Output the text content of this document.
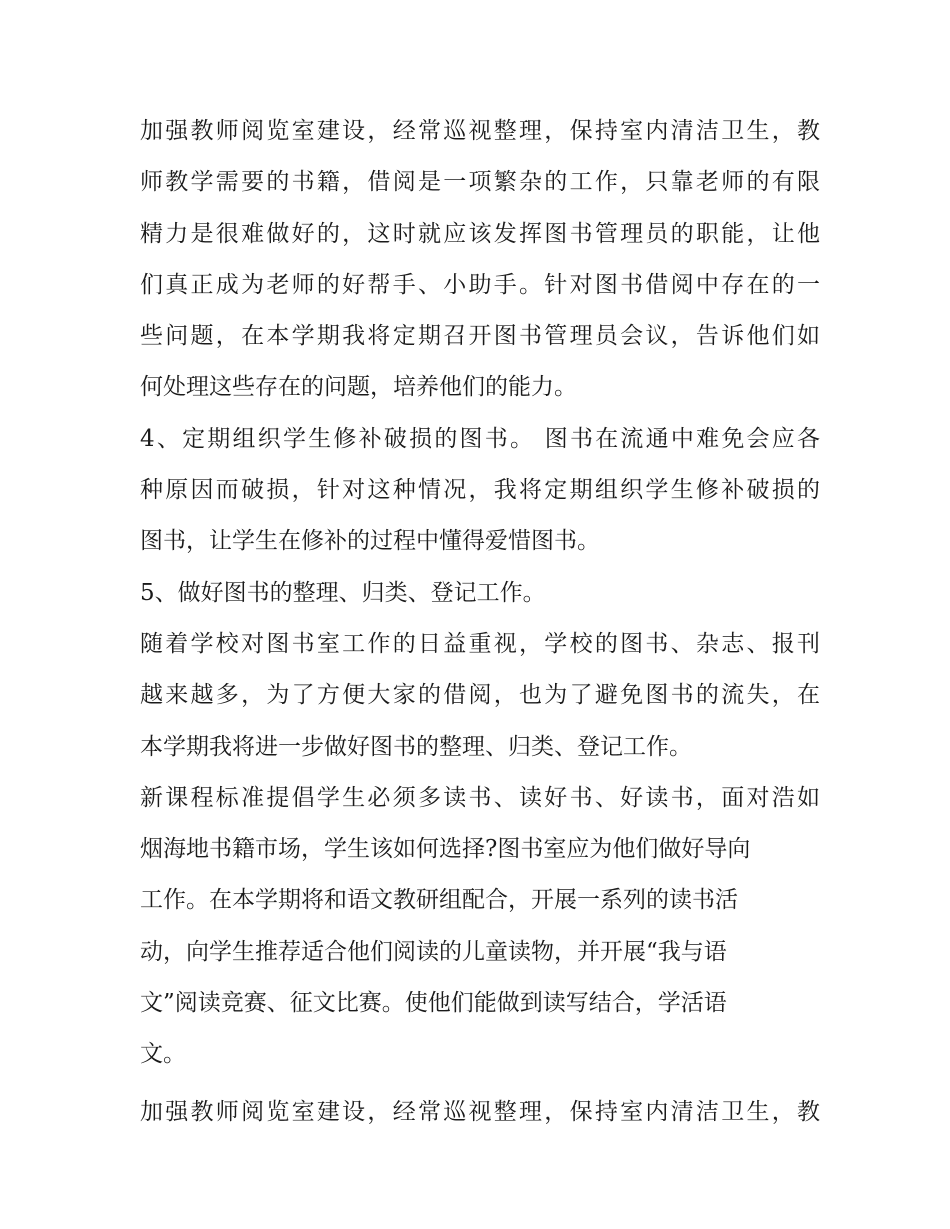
加强教师阅览室建设，经常巡视整理，保持室内清洁卫生，教
师教学需要的书籍，借阅是一项繁杂的工作，只靠老师的有限
精力是很难做好的，这时就应该发挥图书管理员的职能，让他
们真正成为老师的好帮手、小助手。针对图书借阅中存在的一
些问题，在本学期我将定期召开图书管理员会议，告诉他们如
何处理这些存在的问题，培养他们的能力。
4、定期组织学生修补破损的图书。 图书在流通中难免会应各
种原因而破损，针对这种情况，我将定期组织学生修补破损的
图书，让学生在修补的过程中懂得爱惜图书。
5、做好图书的整理、归类、登记工作。
随着学校对图书室工作的日益重视，学校的图书、杂志、报刊
越来越多，为了方便大家的借阅，也为了避免图书的流失，在
本学期我将进一步做好图书的整理、归类、登记工作。
新课程标准提倡学生必须多读书、读好书、好读书，面对浩如
烟海地书籍市场，学生该如何选择?图书室应为他们做好导向
工作。在本学期将和语文教研组配合，开展一系列的读书活
动，向学生推荐适合他们阅读的儿童读物，并开展“我与语
文”阅读竞赛、征文比赛。使他们能做到读写结合，学活语
文。
加强教师阅览室建设，经常巡视整理，保持室内清洁卫生，教
